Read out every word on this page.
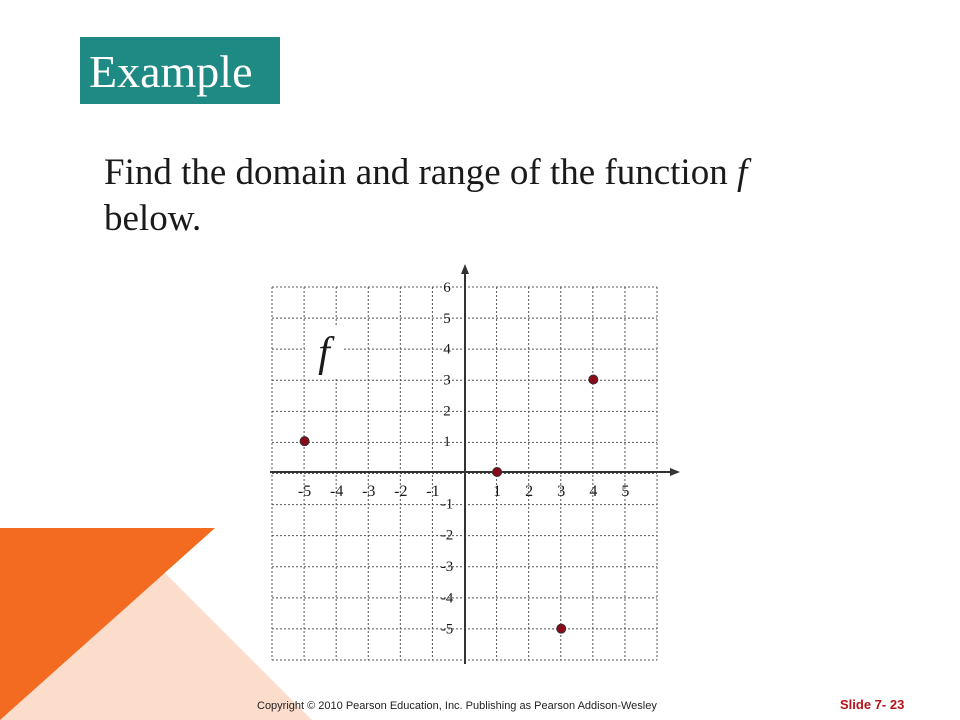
Example
Find the domain and range of the function f
below.
-5 -4 -3 -2 -1	1 2 3 4 5
6
5
4
3
2
1
-1
-2
-3
-4
-5
f
Copyright © 2010 Pearson Education, Inc. Publishing as Pearson Addison-Wesley	Slide 7- 23
